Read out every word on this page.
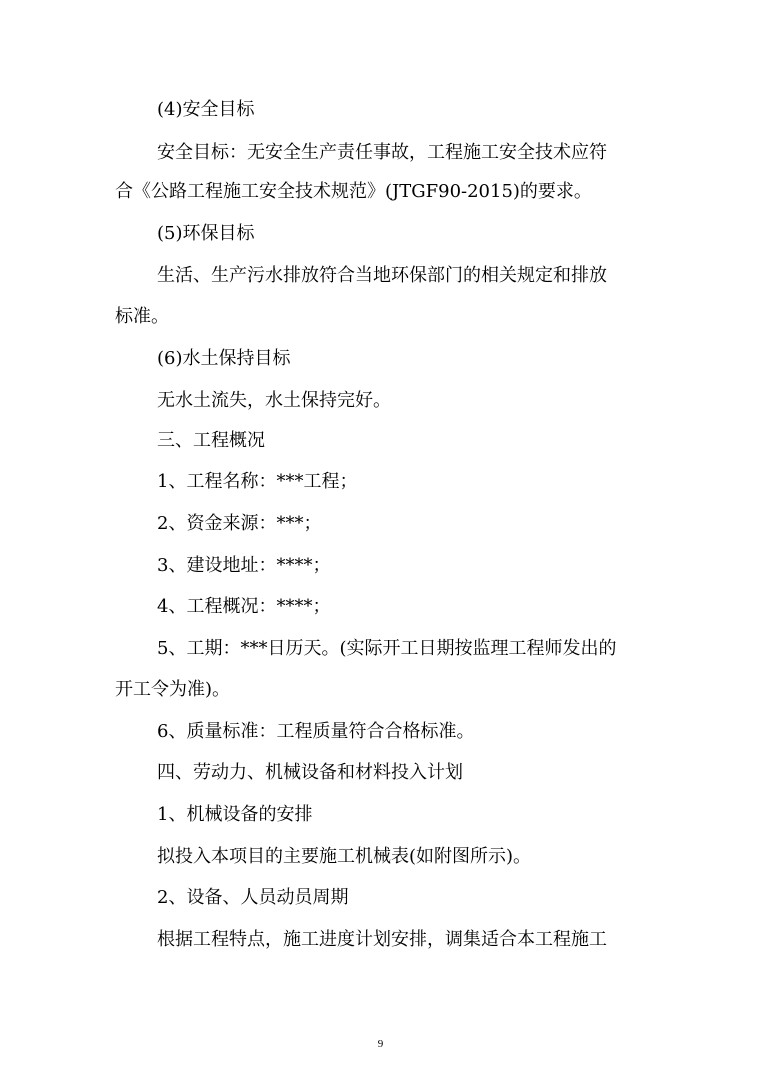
(4)安全目标
安全目标：无安全生产责任事故，工程施工安全技术应符
合《公路工程施工安全技术规范》(JTGF90-2015)的要求。
(5)环保目标
生活、生产污水排放符合当地环保部门的相关规定和排放
标准。
(6)水土保持目标
无水土流失，水土保持完好。
三、工程概况
1、工程名称：***工程；
2、资金来源：***；
3、建设地址：****；
4、工程概况：****；
5、工期：***日历天。(实际开工日期按监理工程师发出的
开工令为准)。
6、质量标准：工程质量符合合格标准。
四、劳动力、机械设备和材料投入计划
1、机械设备的安排
拟投入本项目的主要施工机械表(如附图所示)。
2、设备、人员动员周期
根据工程特点，施工进度计划安排，调集适合本工程施工
9
